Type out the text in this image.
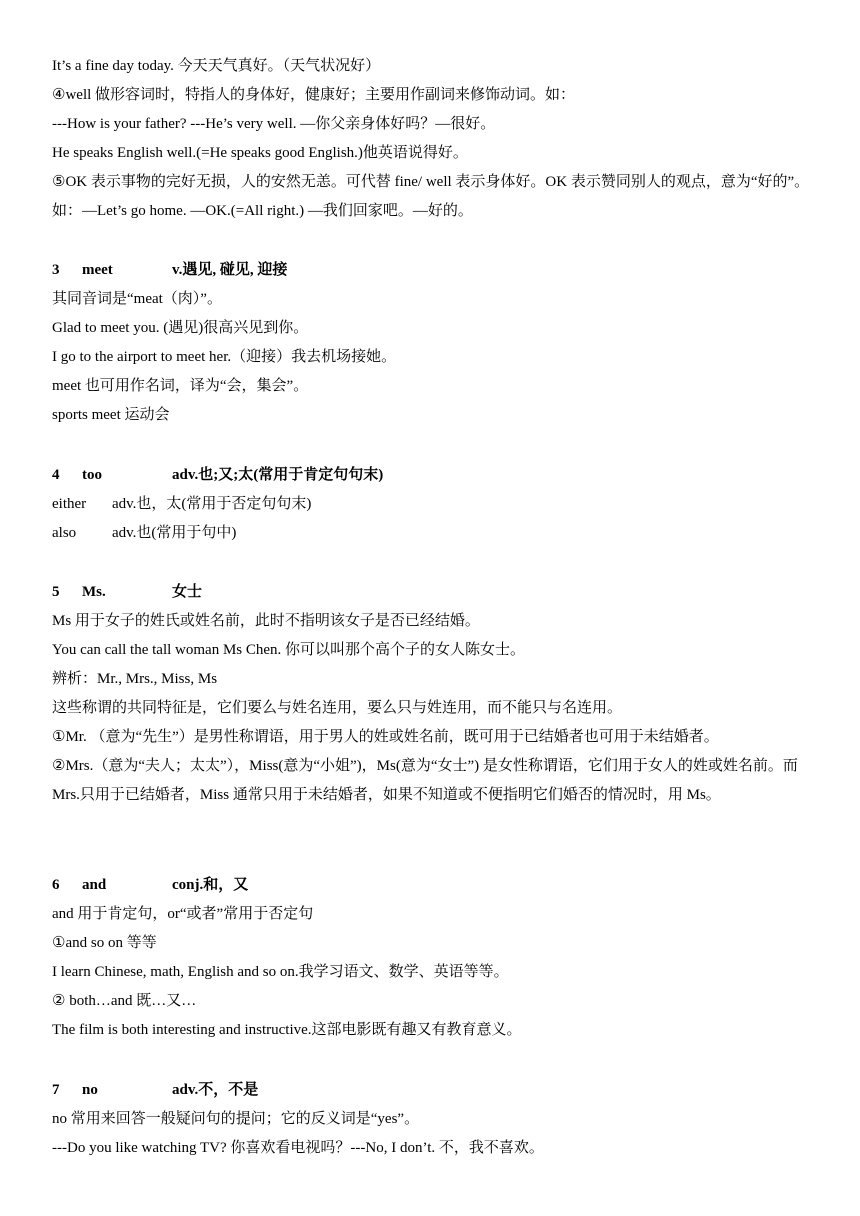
It’s a fine day today. 今天天气真好。（天气状况好）
④well 做形容词时，特指人的身体好，健康好；主要用作副词来修饰动词。如：
---How is your father? ---He’s very well. —你父亲身体好吗？—很好。
He speaks English well.(=He speaks good English.)他英语说得好。
⑤OK 表示事物的完好无损，人的安然无恙。可代替 fine/ well 表示身体好。OK 表示赞同别人的观点，意为“好的”。如：—Let’s go home. —OK.(=All right.) —我们回家吧。—好的。
3 meet	v.遇见, 碰见, 迎接
其同音词是“meat（肉）”。
Glad to meet you. (遇见)很高兴见到你。
I go to the airport to meet her.（迎接）我去机场接她。
meet 也可用作名词，译为“会，集会”。
sports meet 运动会
4 too	adv.也;又;太(常用于肯定句句末)
either adv.也，太(常用于否定句句末)
also adv.也(常用于句中)
5 Ms.	女士
Ms 用于女子的姓氏或姓名前，此时不指明该女子是否已经结婚。
You can call the tall woman Ms Chen. 你可以叫那个高个子的女人陈女士。
辨析：Mr., Mrs., Miss, Ms
这些称谓的共同特征是，它们要么与姓名连用，要么只与姓连用，而不能只与名连用。
①Mr. （意为“先生”）是男性称谓语，用于男人的姓或姓名前，既可用于已结婚者也可用于未结婚者。
②Mrs.（意为“夫人；太太”），Miss(意为“小姐”)，Ms(意为“女士”) 是女性称谓语，它们用于女人的姓或姓名前。而 Mrs.只用于已结婚者，Miss 通常只用于未结婚者，如果不知道或不便指明它们婚否的情况时，用 Ms。
6 and	conj.和，又
and 用于肯定句，or“或者”常用于否定句
①and so on 等等
I learn Chinese, math, English and so on.我学习语文、数学、英语等等。
② both…and 既…又…
The film is both interesting and instructive.这部电影既有趣又有教育意义。
7 no	adv.不，不是
no 常用来回答一般疑问句的提问；它的反义词是“yes”。
---Do you like watching TV? 你喜欢看电视吗？---No, I don’t. 不，我不喜欢。
